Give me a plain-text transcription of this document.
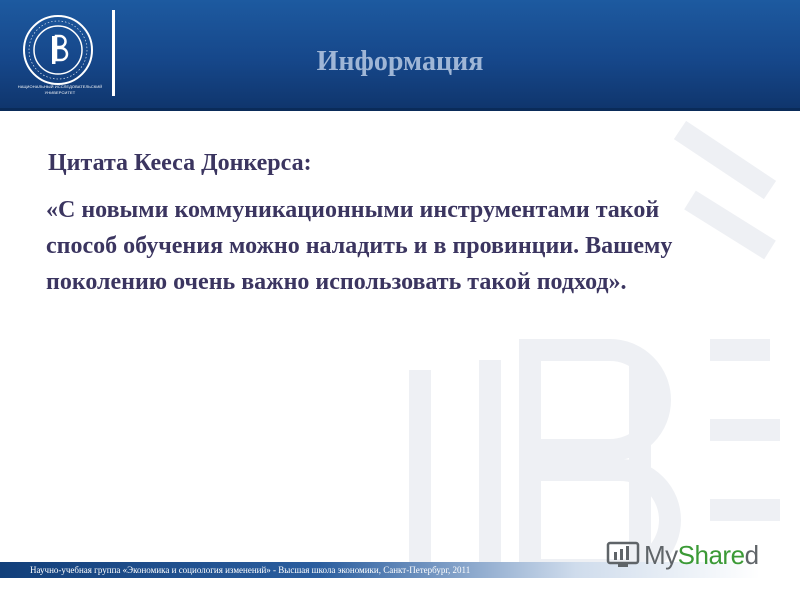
НАЦИОНАЛЬНЫЙ ИССЛЕДОВАТЕЛЬСКИЙ УНИВЕРСИТЕТ
Информация

Цитата Кееса Донкерса:

«С новыми коммуникационными инструментами такой способ обучения можно наладить и в провинции. Вашему поколению очень важно использовать такой подход».

Научно-учебная группа «Экономика и социология изменений» - Высшая школа экономики, Санкт-Петербург, 2011	MyShared
